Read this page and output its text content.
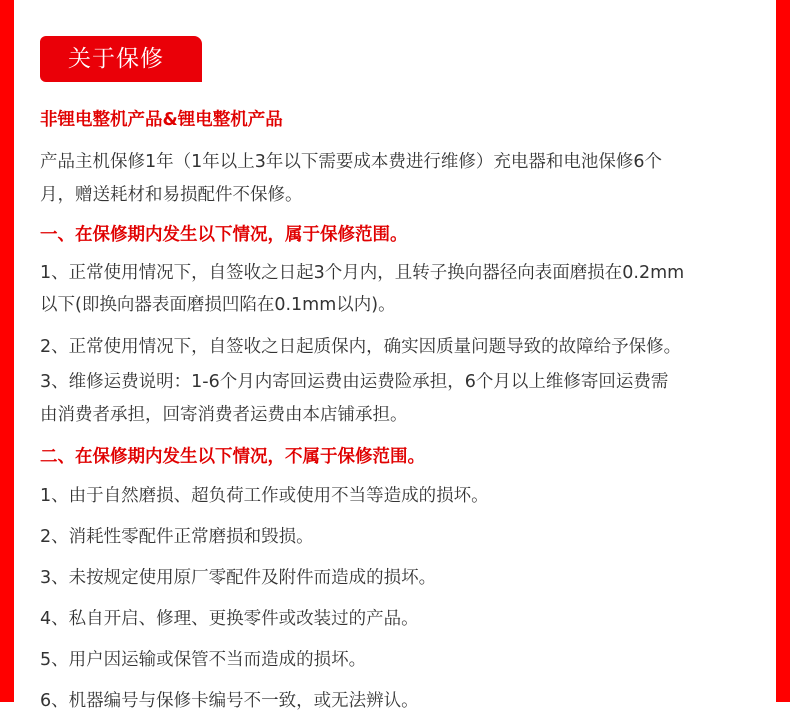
关于保修
非锂电整机产品&锂电整机产品
产品主机保修1年（1年以上3年以下需要成本费进行维修）充电器和电池保修6个
月，赠送耗材和易损配件不保修。
一、在保修期内发生以下情况，属于保修范围。
1、正常使用情况下，自签收之日起3个月内，且转子换向器径向表面磨损在0.2mm
以下(即换向器表面磨损凹陷在0.1mm以内)。
2、正常使用情况下，自签收之日起质保内，确实因质量问题导致的故障给予保修。
3、维修运费说明：1-6个月内寄回运费由运费险承担，6个月以上维修寄回运费需
由消费者承担，回寄消费者运费由本店铺承担。
二、在保修期内发生以下情况，不属于保修范围。
1、由于自然磨损、超负荷工作或使用不当等造成的损坏。
2、消耗性零配件正常磨损和毁损。
3、未按规定使用原厂零配件及附件而造成的损坏。
4、私自开启、修理、更换零件或改装过的产品。
5、用户因运输或保管不当而造成的损坏。
6、机器编号与保修卡编号不一致，或无法辨认。
